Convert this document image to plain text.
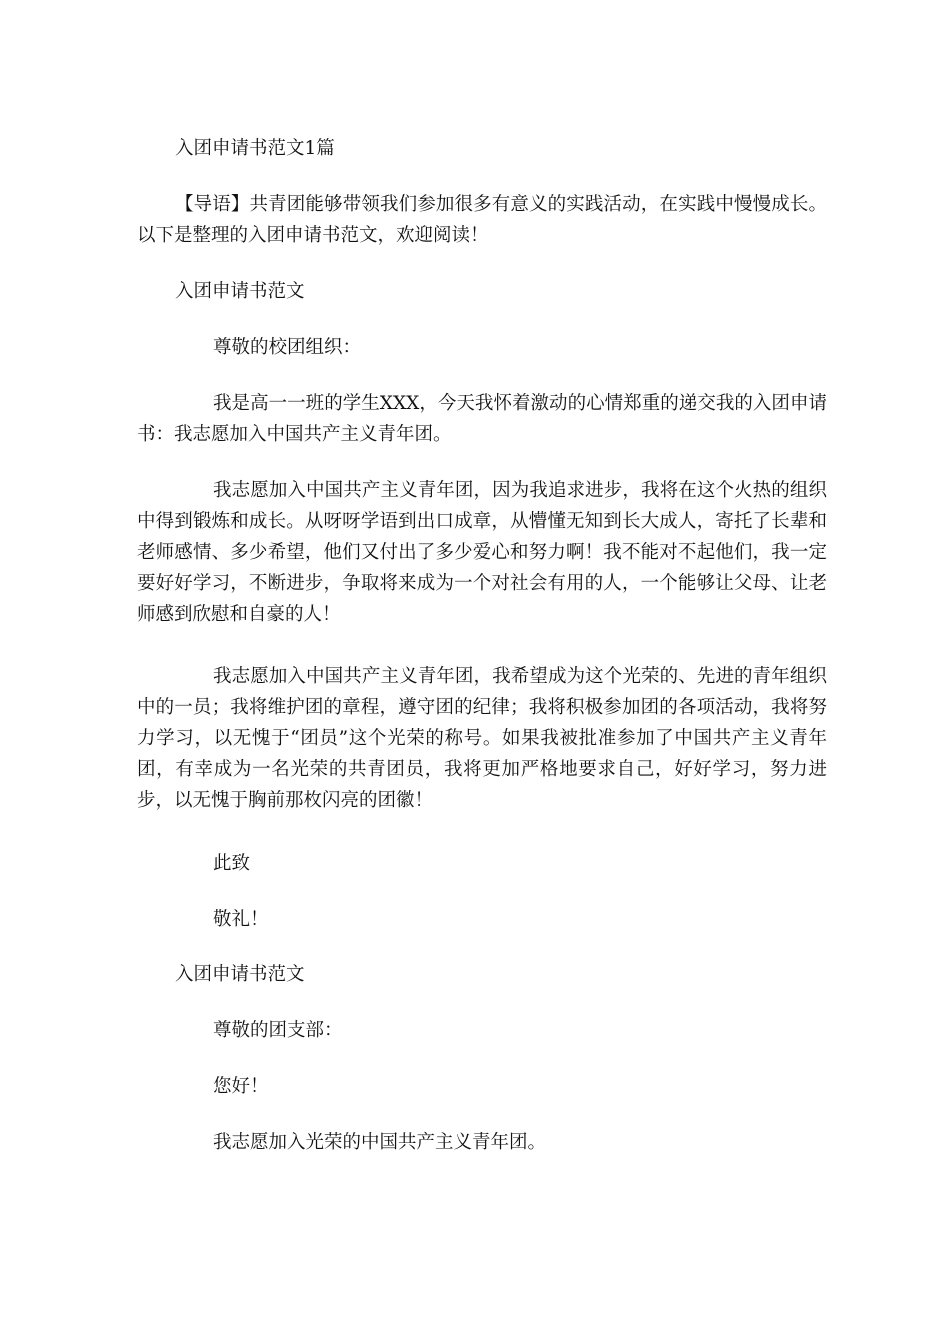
入团申请书范文1篇

【导语】共青团能够带领我们参加很多有意义的实践活动，在实践中慢慢成长。以下是整理的入团申请书范文，欢迎阅读！

入团申请书范文

尊敬的校团组织：

我是高一一班的学生XXX，今天我怀着激动的心情郑重的递交我的入团申请书：我志愿加入中国共产主义青年团。

我志愿加入中国共产主义青年团，因为我追求进步，我将在这个火热的组织中得到锻炼和成长。从呀呀学语到出口成章，从懵懂无知到长大成人，寄托了长辈和老师感情、多少希望，他们又付出了多少爱心和努力啊！我不能对不起他们，我一定要好好学习，不断进步，争取将来成为一个对社会有用的人，一个能够让父母、让老师感到欣慰和自豪的人！

我志愿加入中国共产主义青年团，我希望成为这个光荣的、先进的青年组织中的一员；我将维护团的章程，遵守团的纪律；我将积极参加团的各项活动，我将努力学习，以无愧于“团员”这个光荣的称号。如果我被批准参加了中国共产主义青年团，有幸成为一名光荣的共青团员，我将更加严格地要求自己，好好学习，努力进步，以无愧于胸前那枚闪亮的团徽！

此致

敬礼！

入团申请书范文

尊敬的团支部：

您好！

我志愿加入光荣的中国共产主义青年团。
